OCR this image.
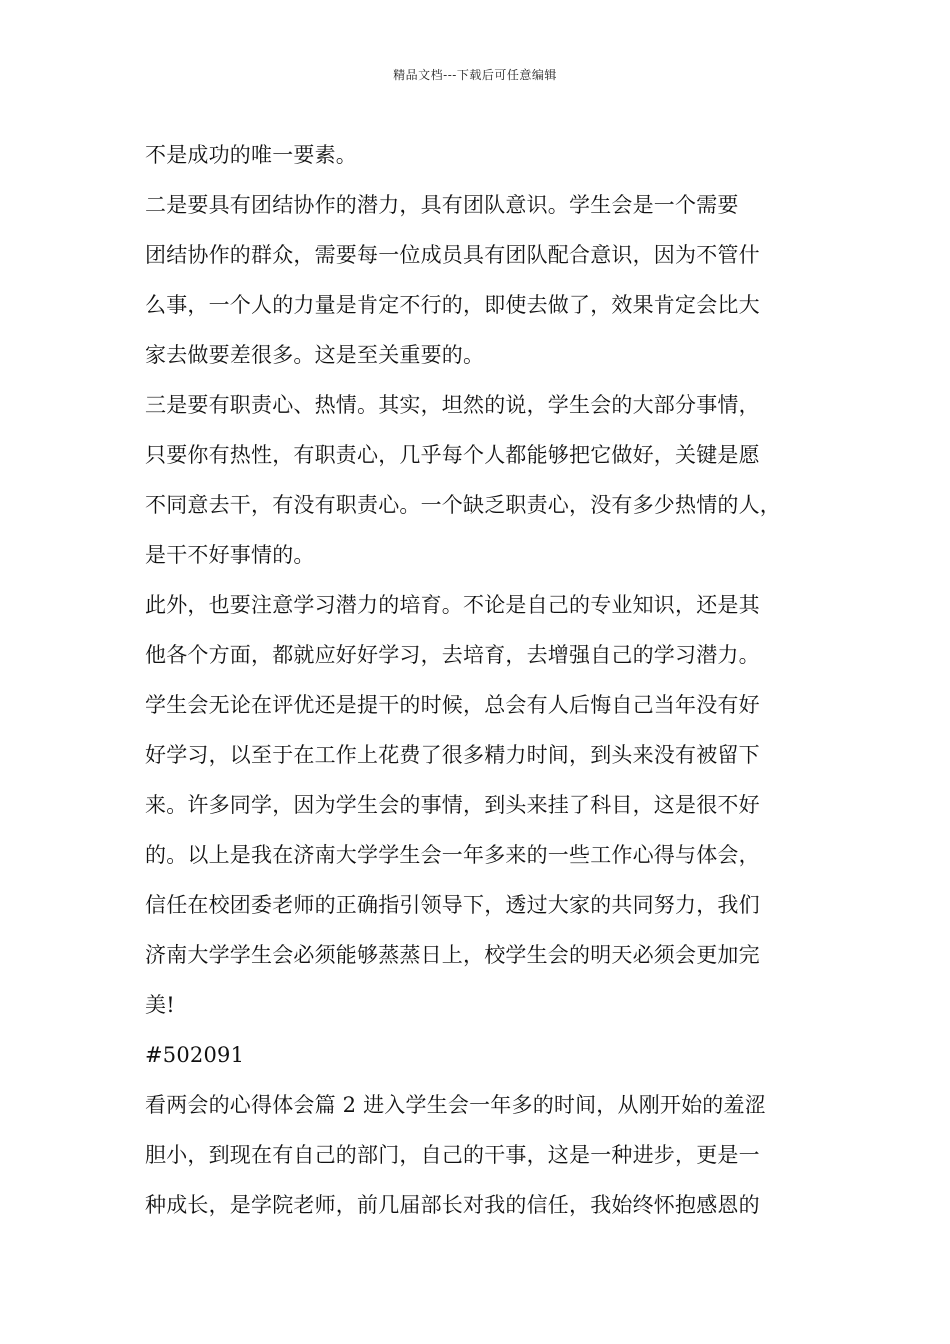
精品文档---下载后可任意编辑
不是成功的唯一要素。
二是要具有团结协作的潜力，具有团队意识。学生会是一个需要
团结协作的群众，需要每一位成员具有团队配合意识，因为不管什
么事，一个人的力量是肯定不行的，即使去做了，效果肯定会比大
家去做要差很多。这是至关重要的。
三是要有职责心、热情。其实，坦然的说，学生会的大部分事情，
只要你有热性，有职责心，几乎每个人都能够把它做好，关键是愿
不同意去干，有没有职责心。一个缺乏职责心，没有多少热情的人，
是干不好事情的。
此外，也要注意学习潜力的培育。不论是自己的专业知识，还是其
他各个方面，都就应好好学习，去培育，去增强自己的学习潜力。
学生会无论在评优还是提干的时候，总会有人后悔自己当年没有好
好学习，以至于在工作上花费了很多精力时间，到头来没有被留下
来。许多同学，因为学生会的事情，到头来挂了科目，这是很不好
的。以上是我在济南大学学生会一年多来的一些工作心得与体会，
信任在校团委老师的正确指引领导下，透过大家的共同努力，我们
济南大学学生会必须能够蒸蒸日上，校学生会的明天必须会更加完
美!
#502091
看两会的心得体会篇 2 进入学生会一年多的时间，从刚开始的羞涩
胆小，到现在有自己的部门，自己的干事，这是一种进步，更是一
种成长，是学院老师，前几届部长对我的信任，我始终怀抱感恩的
